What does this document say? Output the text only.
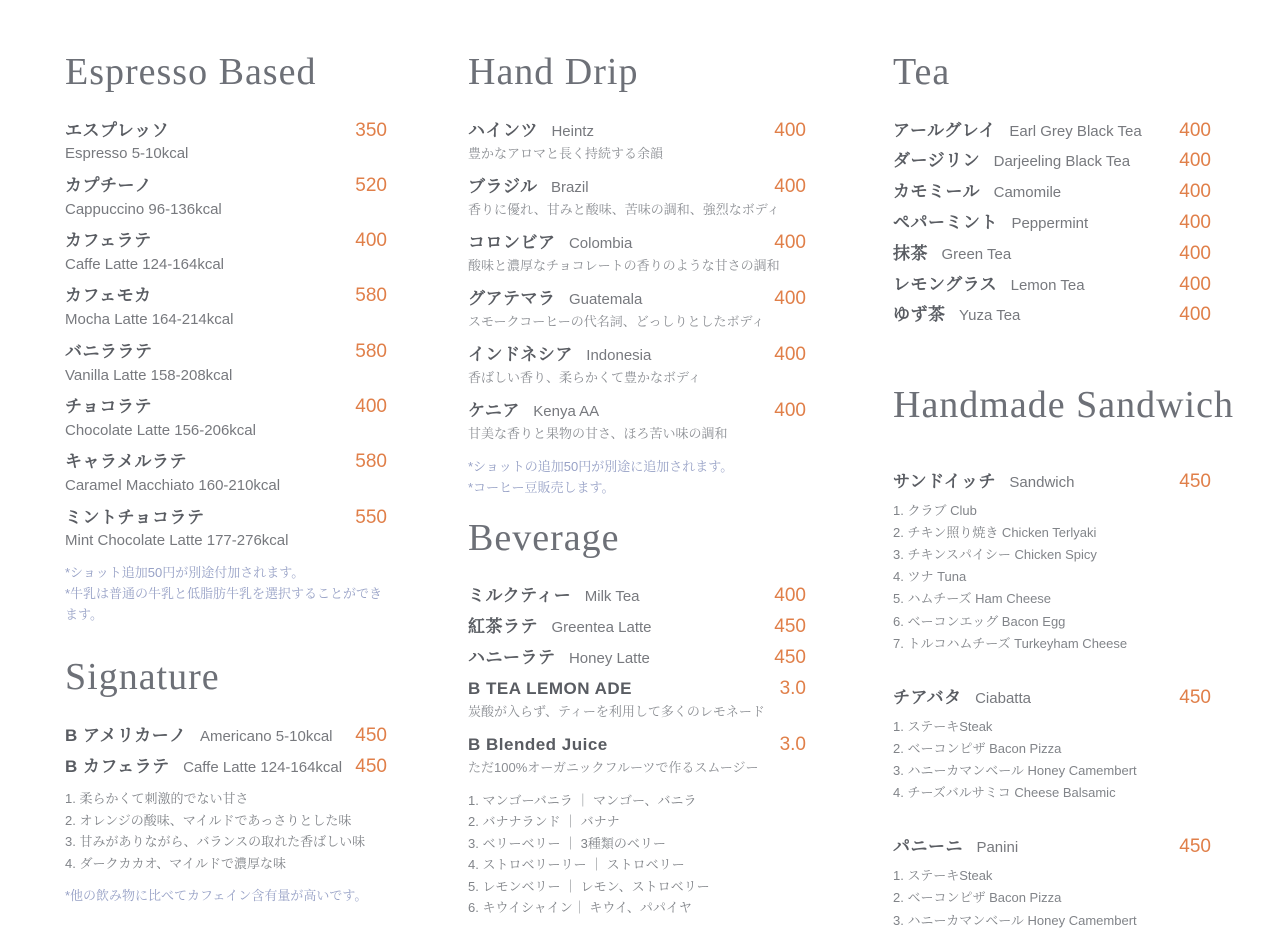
Espresso Based
エスプレッソ	350
Espresso 5-10kcal
カプチーノ	520
Cappuccino 96-136kcal
カフェラテ	400
Caffe Latte 124-164kcal
カフェモカ	580
Mocha Latte 164-214kcal
バニララテ	580
Vanilla Latte 158-208kcal
チョコラテ	400
Chocolate Latte 156-206kcal
キャラメルラテ	580
Caramel Macchiato 160-210kcal
ミントチョコラテ	550
Mint Chocolate Latte 177-276kcal
*ショット追加50円が別途付加されます。
*牛乳は普通の牛乳と低脂肪牛乳を選択することができます。
Signature
B アメリカーノ Americano 5-10kcal 450
B カフェラテ Caffe Latte 124-164kcal 450
1. 柔らかくて刺激的でない甘さ
2. オレンジの酸味、マイルドであっさりとした味
3. 甘みがありながら、バランスの取れた香ばしい味
4. ダークカカオ、マイルドで濃厚な味
*他の飲み物に比べてカフェイン含有量が高いです。
Hand Drip
ハインツ Heintz	400
豊かなアロマと長く持続する余韻
ブラジル Brazil	400
香りに優れ、甘みと酸味、苦味の調和、強烈なボディ
コロンビア Colombia	400
酸味と濃厚なチョコレートの香りのような甘さの調和
グアテマラ Guatemala	400
スモークコーヒーの代名詞、どっしりとしたボディ
インドネシア Indonesia	400
香ばしい香り、柔らかくて豊かなボディ
ケニア Kenya AA	400
甘美な香りと果物の甘さ、ほろ苦い味の調和
*ショットの追加50円が別途に追加されます。
*コーヒー豆販売します。
Beverage
ミルクティー Milk Tea	400
紅茶ラテ Greentea Latte	450
ハニーラテ Honey Latte	450
B TEA LEMON ADE	3.0
炭酸が入らず、ティーを利用して多くのレモネード
B Blended Juice	3.0
ただ100%オーガニックフルーツで作るスムージー
1. マンゴーバニラ ｜ マンゴー、バニラ
2. バナナランド ｜ バナナ
3. ベリーベリー ｜ 3種類のベリー
4. ストロベリーリー ｜ ストロベリー
5. レモンベリー ｜ レモン、ストロベリー
6. キウイシャイン｜ キウイ、パパイヤ
Tea
アールグレイ Earl Grey Black Tea 400
ダージリン Darjeeling Black Tea	400
カモミール Camomile	400
ペパーミント Peppermint	400
抹茶 Green Tea	400
レモングラス Lemon Tea	400
ゆず茶 Yuza Tea	400
Handmade Sandwich
サンドイッチ Sandwich	450
1. クラブ Club
2. チキン照り焼き Chicken Terlyaki
3. チキンスパイシー Chicken Spicy
4. ツナ Tuna
5. ハムチーズ Ham Cheese
6. ベーコンエッグ Bacon Egg
7. トルコハムチーズ Turkeyham Cheese
チアバタ Ciabatta	450
1. ステーキSteak
2. ベーコンピザ Bacon Pizza
3. ハニーカマンベール Honey Camembert
4. チーズバルサミコ Cheese Balsamic
パニーニ Panini	450
1. ステーキSteak
2. ベーコンピザ Bacon Pizza
3. ハニーカマンベール Honey Camembert
